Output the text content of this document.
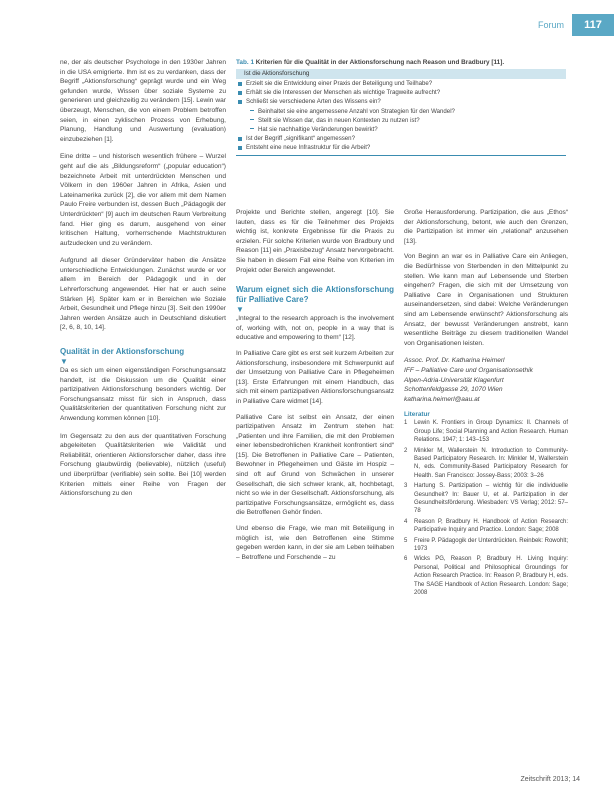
Forum	117

ne, der als deutscher Psychologe in den 1930er Jahren in die USA emigrierte. Ihm ist es zu verdanken, dass der Begriff „Aktionsforschung“ geprägt wurde und ein Weg gefunden wurde, Wissen über soziale Systeme zu generieren und gleichzeitig zu verändern [15]. Lewin war überzeugt, Menschen, die von einem Problem betroffen seien, in einen zyklischen Prozess von Erhebung, Planung, Handlung und Auswertung (evaluation) einzubeziehen [1].

Eine dritte – und historisch wesentlich frühere – Wurzel geht auf die als „Bildungsreform“ („popular education“) bezeichnete Arbeit mit unterdrückten Menschen und Völkern in den 1960er Jahren in Afrika, Asien und Lateinamerika zurück [2], die vor allem mit dem Namen Paulo Freire verbunden ist, dessen Buch „Pädagogik der Unterdrückten“ [9] auch im deutschen Raum Verbreitung fand. Hier ging es darum, ausgehend von einer kritischen Haltung, vorherrschende Machtstrukturen aufzudecken und zu verändern.

Aufgrund all dieser Gründerväter haben die Ansätze unterschiedliche Entwicklungen. Zunächst wurde er vor allem im Bereich der Pädagogik und in der Lehrerforschung angewendet. Hier hat er auch seine Stärken [4]. Später kam er in Bereichen wie Soziale Arbeit, Gesundheit und Pflege hinzu [3]. Seit den 1990er Jahren werden Ansätze auch in Deutschland diskutiert [2, 6, 8, 10, 14].

Qualität in der Aktionsforschung
▼

Da es sich um einen eigenständigen Forschungsansatz handelt, ist die Diskussion um die Qualität einer partizipativen Aktionsforschung besonders wichtig. Der Forschungsansatz misst für sich in Anspruch, dass Qualitätskriterien der quantitativen Forschung nicht zur Anwendung kommen können [10].

Im Gegensatz zu den aus der quantitativen Forschung abgeleiteten Qualitätskriterien wie Validität und Reliabilität, orientieren Aktionsforscher daher, dass ihre Forschung glaubwürdig (believable), nützlich (useful) und überprüfbar (verifiable) sein sollte. Bei [10] werden Kriterien mittels einer Reihe von Fragen der Aktionsforschung zu den

Tab. 1 Kriterien für die Qualität in der Aktionsforschung nach Reason und Bradbury [11].
Ist die Aktionsforschung
Erzielt sie die Entwicklung einer Praxis der Beteiligung und Teilhabe?
Erhält sie die Interessen der Menschen als wichtige Tragweite aufrecht?
Schließt sie verschiedene Arten des Wissens ein?
Beinhaltet sie eine angemessene Anzahl von Strategien für den Wandel?
Stellt sie Wissen dar, das in neuen Kontexten zu nutzen ist?
Hat sie nachhaltige Veränderungen bewirkt?
Ist der Begriff „signifikant“ angemessen?
Entsteht eine neue Infrastruktur für die Arbeit?

Projekte und Berichte stellen, angeregt [10]. Sie lauten, dass es für die Teilnehmer des Projekts wichtig ist, konkrete Ergebnisse für die Praxis zu erzielen. Für solche Kriterien wurde von Bradbury und Reason [11] ein „Praxisbezug“ Ansatz hervorgebracht. Sie haben in diesem Fall eine Reihe von Kriterien im Projekt oder Bereich angewendet.

Warum eignet sich die Aktionsforschung für Palliative Care?
▼

„Integral to the research approach is the involvement of, working with, not on, people in a way that is educative and empowering to them“ [12].

In Palliative Care gibt es erst seit kurzem Arbeiten zur Aktionsforschung, insbesondere mit Schwerpunkt auf der Umsetzung von Palliative Care in Pflegeheimen [13]. Erste Erfahrungen mit einem Handbuch, das sich mit einem partizipativen Aktionsforschungsansatz in Palliative Care widmet [14].

Palliative Care ist selbst ein Ansatz, der einen partizipativen Ansatz im Zentrum stehen hat: „Patienten und ihre Familien, die mit den Problemen einer lebensbedrohlichen Krankheit konfrontiert sind“ [15]. Die Betroffenen in Palliative Care – Patienten, Bewohner in Pflegeheimen und Gäste im Hospiz – sind oft auf Grund von Schwächen in unserer Gesellschaft, die sich schwer krank, alt, hochbetagt, nicht so wie in der Gesellschaft. Aktionsforschung, als partizipative Forschungsansätze, ermöglicht es, dass die Betroffenen Gehör finden.

Und ebenso die Frage, wie man mit Beteiligung in möglich ist, wie den Betroffenen eine Stimme gegeben werden kann, in der sie am Leben teilhaben – Betroffene und Forschende – zu

Große Herausforderung. Partizipation, die aus „Ethos“ der Aktionsforschung, betont, wie auch den Grenzen, die Partizipation ist immer ein „relational“ anzusehen [13].

Von Beginn an war es in Palliative Care ein Anliegen, die Bedürfnisse von Sterbenden in den Mittelpunkt zu stellen. Wie kann man auf Lebensende und Sterben eingehen? Fragen, die sich mit der Umsetzung von Palliative Care in Organisationen und Strukturen auseinandersetzen, sind dabei: Welche Veränderungen sind am Lebensende erwünscht? Aktionsforschung als Ansatz, der bewusst Veränderungen anstrebt, kann wesentliche Beiträge zu diesem traditionellen Wandel von Organisationen leisten.

Assoc. Prof. Dr. Katharina Heimerl
IFF – Palliative Care und Organisationsethik
Alpen-Adria-Universität Klagenfurt
Schottenfeldgasse 29, 1070 Wien
katharina.heimerl@aau.at
Literatur
1 Lewin K. Frontiers in Group Dynamics: II. Channels of Group Life; Social Planning and Action Research. Human Relations. 1947; 1: 143–153
2 Minkler M, Wallerstein N. Introduction to Community-Based Participatory Research. In: Minkler M, Wallerstein N, eds. Community-Based Participatory Research for Health. San Francisco: Jossey-Bass; 2003: 3–26
3 Hartung S. Partizipation – wichtig für die individuelle Gesundheit? In: Bauer U, et al. Partizipation in der Gesundheitsförderung. Wiesbaden: VS Verlag; 2012: 57–78
4 Reason P, Bradbury H. Handbook of Action Research: Participative Inquiry and Practice. London: Sage; 2008
5 Freire P. Pädagogik der Unterdrückten. Reinbek: Rowohlt; 1973
6 Wicks PG, Reason P, Bradbury H. Living Inquiry: Personal, Political and Philosophical Groundings for Action Research Practice. In: Reason P, Bradbury H, eds. The SAGE Handbook of Action Research. London: Sage; 2008
Zeitschrift 2013; 14
